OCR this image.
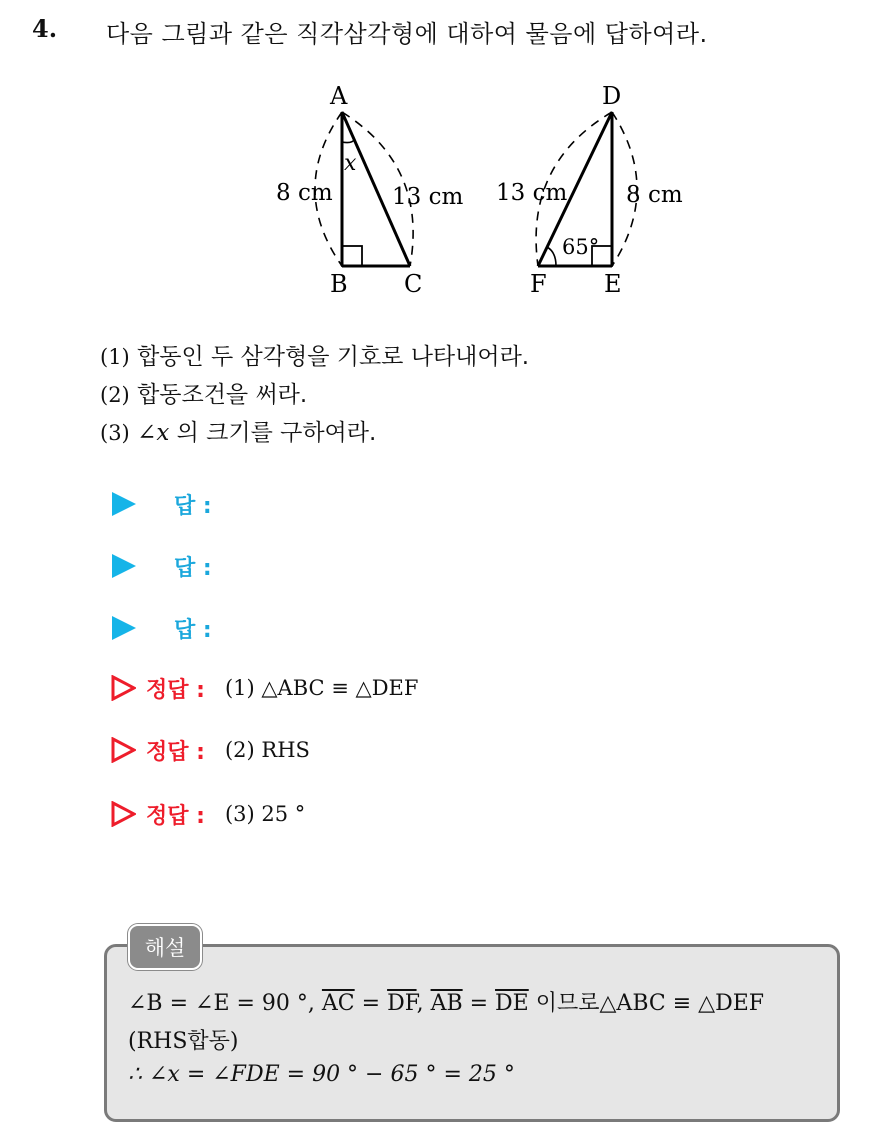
4. 다음 그림과 같은 직각삼각형에 대하여 물음에 답하여라.
A
B C
8 cm	13 cm
x
D
E
F
13 cm	8 cm
65°
(1) 합동인 두 삼각형을 기호로 나타내어라.
(2) 합동조건을 써라.
(3) ∠x 의 크기를 구하여라.
답 :
답 :
답 :
정답 : (1) △ABC ≡ △DEF
정답 : (2) RHS
정답 : (3) 25 °
해설
∠B = ∠E = 90 °, $\overline{AC} = \overline{DF}$, $\overline{AB} = \overline{DE}$ 이므로△ABC ≡ △DEF
(RHS합동)
∴ ∠x = ∠FDE = 90 ° − 65 ° = 25 °
